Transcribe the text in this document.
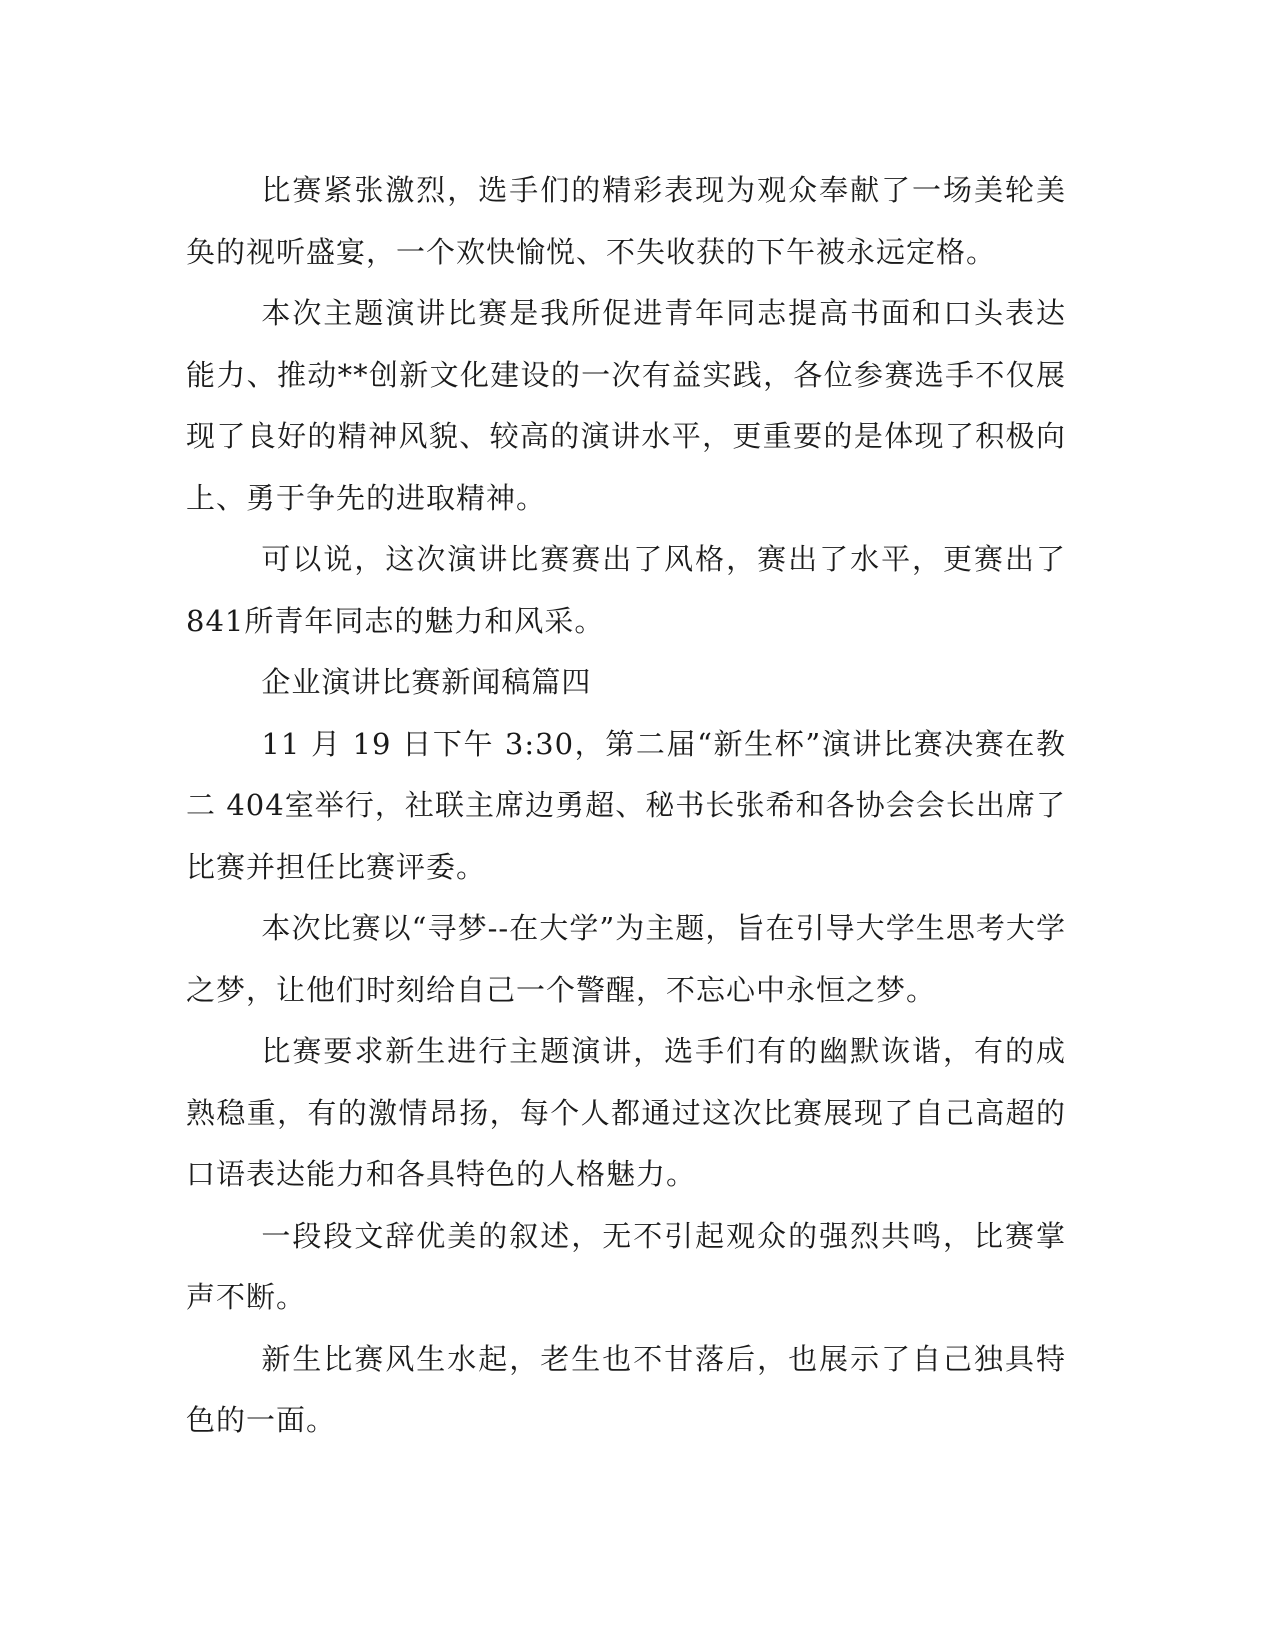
比赛紧张激烈，选手们的精彩表现为观众奉献了一场美轮美奂的视听盛宴，一个欢快愉悦、不失收获的下午被永远定格。

本次主题演讲比赛是我所促进青年同志提高书面和口头表达能力、推动**创新文化建设的一次有益实践，各位参赛选手不仅展现了良好的精神风貌、较高的演讲水平，更重要的是体现了积极向上、勇于争先的进取精神。

可以说，这次演讲比赛赛出了风格，赛出了水平，更赛出了 841所青年同志的魅力和风采。

企业演讲比赛新闻稿篇四

11 月 19 日下午 3:30，第二届“新生杯”演讲比赛决赛在教二 404室举行，社联主席边勇超、秘书长张希和各协会会长出席了比赛并担任比赛评委。

本次比赛以“寻梦--在大学”为主题，旨在引导大学生思考大学之梦，让他们时刻给自己一个警醒，不忘心中永恒之梦。

比赛要求新生进行主题演讲，选手们有的幽默诙谐，有的成熟稳重，有的激情昂扬，每个人都通过这次比赛展现了自己高超的口语表达能力和各具特色的人格魅力。

一段段文辞优美的叙述，无不引起观众的强烈共鸣，比赛掌声不断。

新生比赛风生水起，老生也不甘落后，也展示了自己独具特色的一面。
